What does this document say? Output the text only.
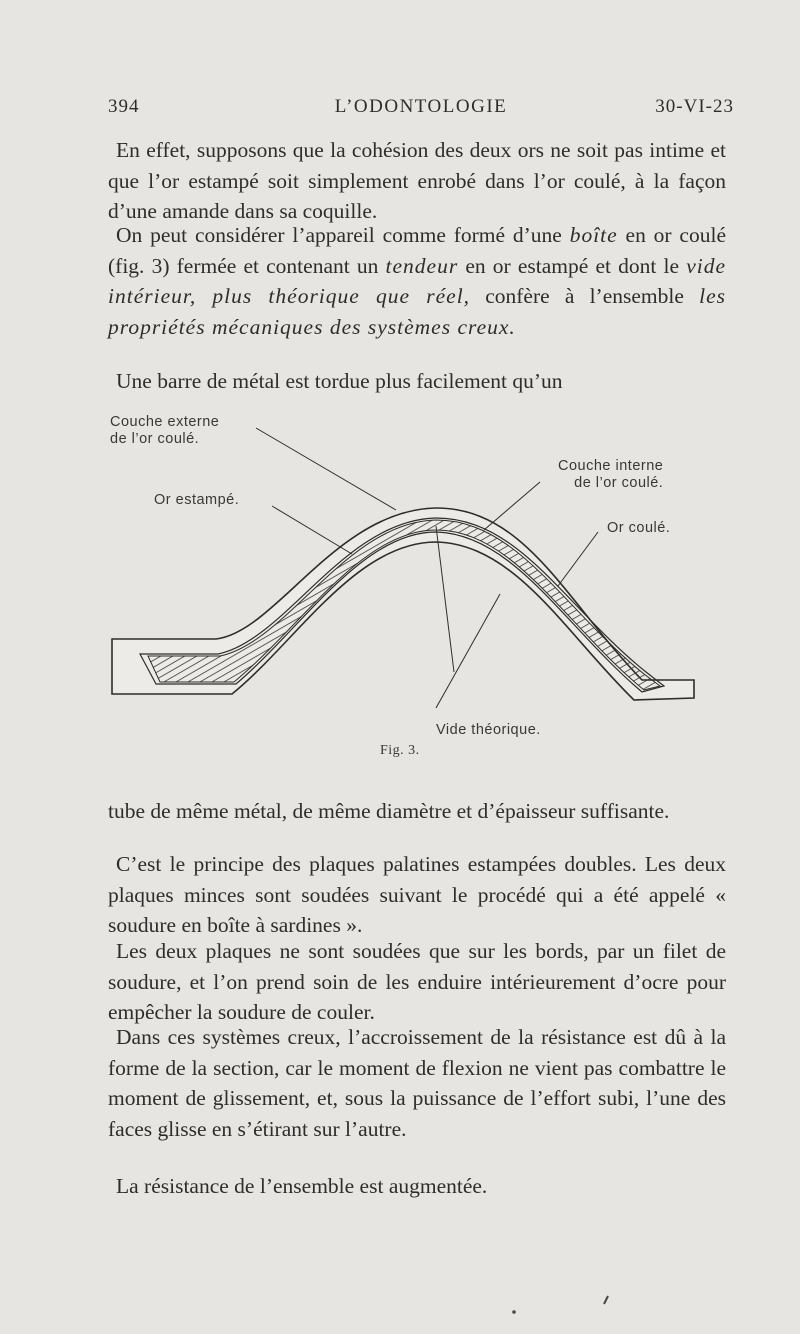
394	L’ODONTOLOGIE	30-VI-23

En effet, supposons que la cohésion des deux ors ne soit pas intime et que l’or estampé soit simplement enrobé dans l’or coulé, à la façon d’une amande dans sa coquille.

On peut considérer l’appareil comme formé d’une boîte en or coulé (fig. 3) fermée et contenant un tendeur en or estampé et dont le vide intérieur, plus théorique que réel, confère à l’ensemble les propriétés mécaniques des systèmes creux.

Une barre de métal est tordue plus facilement qu’un

Couche externe
de l’or coulé.
Or estampé.
Couche interne
de l’or coulé.
Or coulé.
Vide théorique.
Fig. 3.

tube de même métal, de même diamètre et d’épaisseur suffisante.

C’est le principe des plaques palatines estampées doubles. Les deux plaques minces sont soudées suivant le procédé qui a été appelé « soudure en boîte à sardines ».

Les deux plaques ne sont soudées que sur les bords, par un filet de soudure, et l’on prend soin de les enduire intérieurement d’ocre pour empêcher la soudure de couler.

Dans ces systèmes creux, l’accroissement de la résistance est dû à la forme de la section, car le moment de flexion ne vient pas combattre le moment de glissement, et, sous la puissance de l’effort subi, l’une des faces glisse en s’étirant sur l’autre.

La résistance de l’ensemble est augmentée.
